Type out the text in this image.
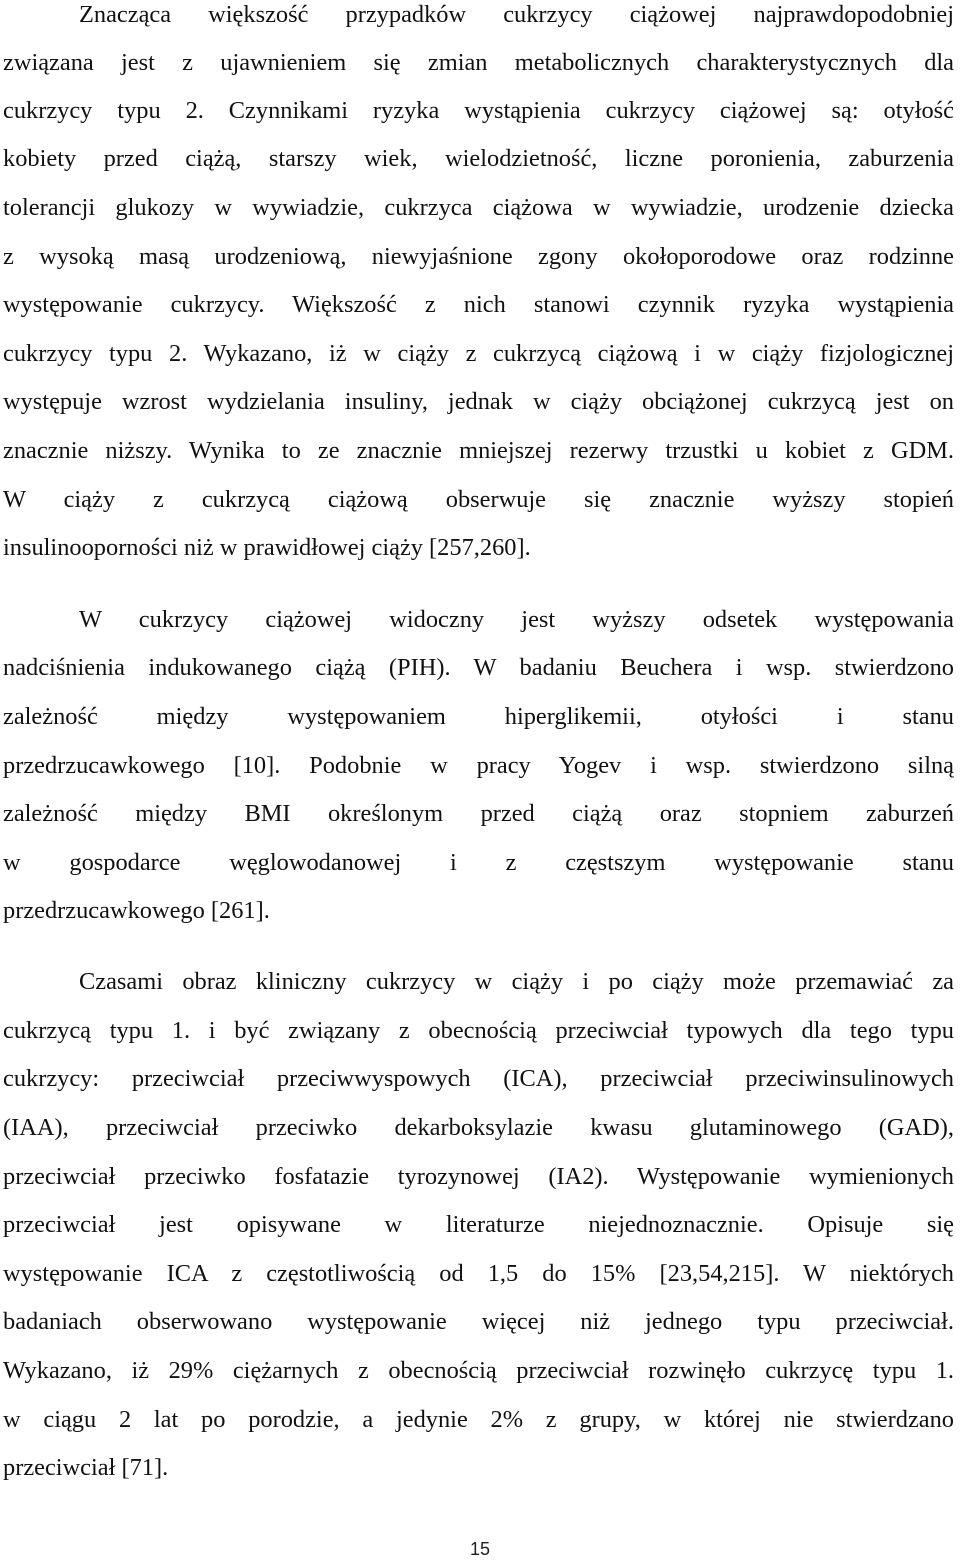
Znacząca większość przypadków cukrzycy ciążowej najprawdopodobniej
związana jest z ujawnieniem się zmian metabolicznych charakterystycznych dla
cukrzycy typu 2. Czynnikami ryzyka wystąpienia cukrzycy ciążowej są: otyłość
kobiety przed ciążą, starszy wiek, wielodzietność, liczne poronienia, zaburzenia
tolerancji glukozy w wywiadzie, cukrzyca ciążowa w wywiadzie, urodzenie dziecka
z wysoką masą urodzeniową, niewyjaśnione zgony okołoporodowe oraz rodzinne
występowanie cukrzycy. Większość z nich stanowi czynnik ryzyka wystąpienia
cukrzycy typu 2. Wykazano, iż w ciąży z cukrzycą ciążową i w ciąży fizjologicznej
występuje wzrost wydzielania insuliny, jednak w ciąży obciążonej cukrzycą jest on
znacznie niższy. Wynika to ze znacznie mniejszej rezerwy trzustki u kobiet z GDM.
W ciąży z cukrzycą ciążową obserwuje się znacznie wyższy stopień
insulinooporności niż w prawidłowej ciąży [257,260].
W cukrzycy ciążowej widoczny jest wyższy odsetek występowania
nadciśnienia indukowanego ciążą (PIH). W badaniu Beuchera i wsp. stwierdzono
zależność między występowaniem hiperglikemii, otyłości i stanu
przedrzucawkowego [10]. Podobnie w pracy Yogev i wsp. stwierdzono silną
zależność między BMI określonym przed ciążą oraz stopniem zaburzeń
w gospodarce węglowodanowej i z częstszym występowanie stanu
przedrzucawkowego [261].
Czasami obraz kliniczny cukrzycy w ciąży i po ciąży może przemawiać za
cukrzycą typu 1. i być związany z obecnością przeciwciał typowych dla tego typu
cukrzycy: przeciwciał przeciwwyspowych (ICA), przeciwciał przeciwinsulinowych
(IAA), przeciwciał przeciwko dekarboksylazie kwasu glutaminowego (GAD),
przeciwciał przeciwko fosfatazie tyrozynowej (IA2). Występowanie wymienionych
przeciwciał jest opisywane w literaturze niejednoznacznie. Opisuje się
występowanie ICA z częstotliwością od 1,5 do 15% [23,54,215]. W niektórych
badaniach obserwowano występowanie więcej niż jednego typu przeciwciał.
Wykazano, iż 29% ciężarnych z obecnością przeciwciał rozwinęło cukrzycę typu 1.
w ciągu 2 lat po porodzie, a jedynie 2% z grupy, w której nie stwierdzano
przeciwciał [71].
15
